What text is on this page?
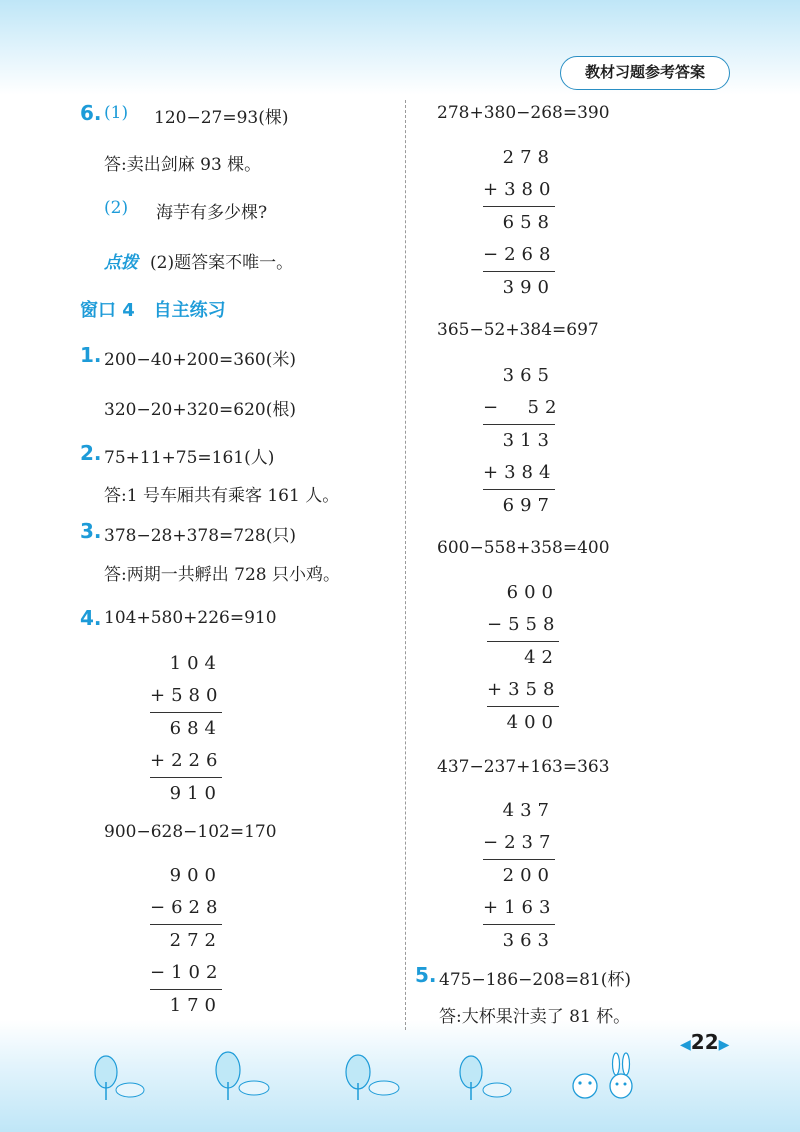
教材习题参考答案
6. (1) 120−27=93(棵)
答:卖出剑麻 93 棵。
(2) 海芋有多少棵?
点拨 (2)题答案不唯一。
窗口 4   自主练习
1. 200−40+200=360(米)
320−20+320=620(根)
2. 75+11+75=161(人)
答:1 号车厢共有乘客 161 人。
3. 378−28+378=728(只)
答:两期一共孵出 728 只小鸡。
4. 104+580+226=910
104
+580
684
+226
910
900−628−102=170
900
−628
272
−102
170
278+380−268=390
278
+380
658
−268
390
365−52+384=697
365
−  52
313
+384
697
600−558+358=400
600
−558
42
+358
400
437−237+163=363
437
−237
200
+163
363
5. 475−186−208=81(杯)
答:大杯果汁卖了 81 杯。
◀22▶
